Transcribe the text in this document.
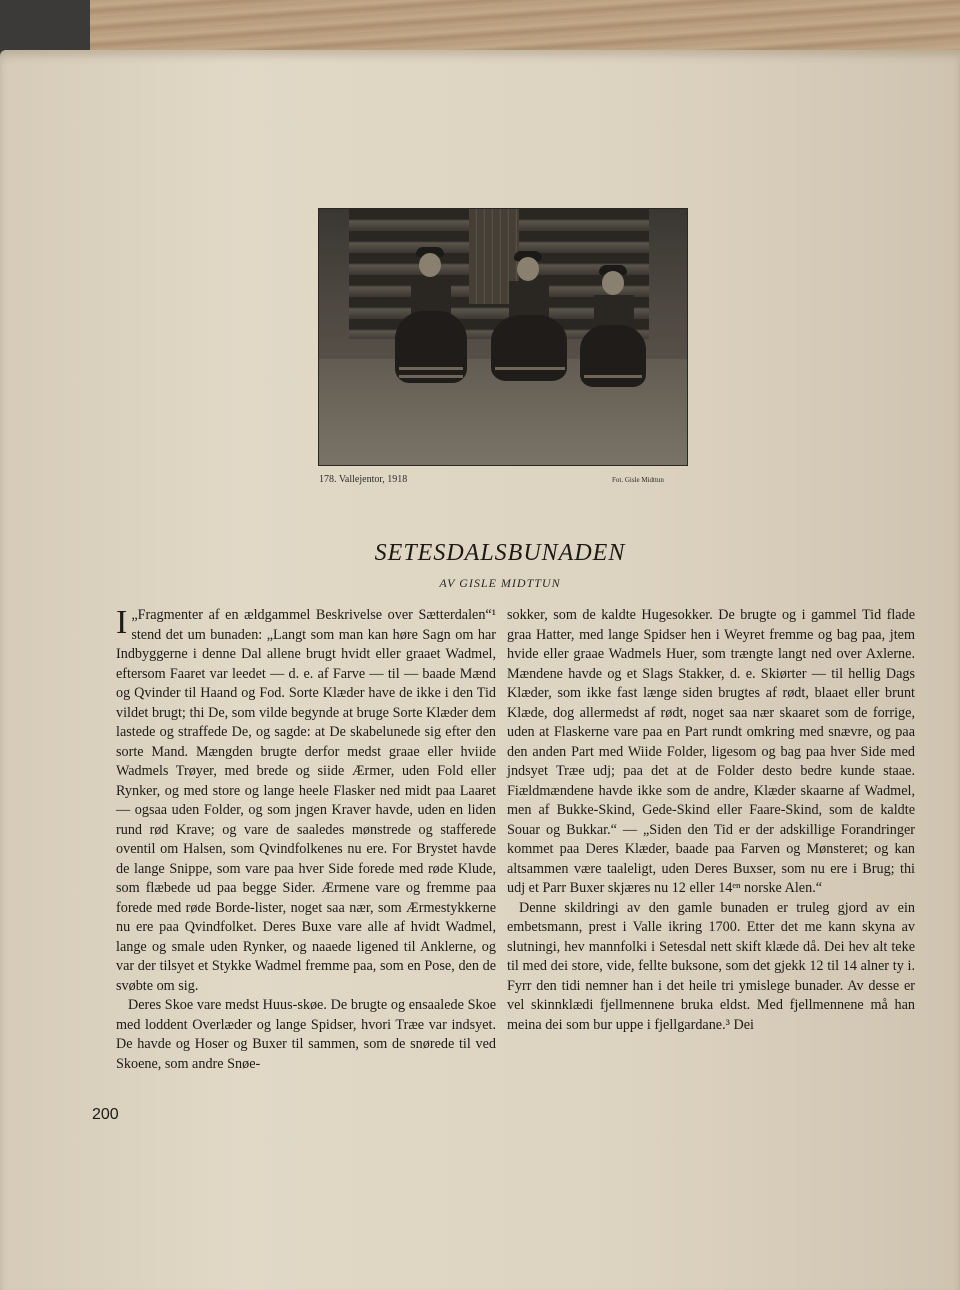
178. Vallejentor, 1918	Fot. Gisle Midttun
SETESDALSBUNADEN
AV GISLE MIDTTUN

I „Fragmenter af en ældgammel Beskrivelse over Sætterdalen“¹ stend det um bunaden: „Langt som man kan høre Sagn om har Indbyggerne i denne Dal allene brugt hvidt eller graaet Wadmel, eftersom Faaret var leedet — d. e. af Farve — til — baade Mænd og Qvinder til Haand og Fod. Sorte Klæder have de ikke i den Tid vildet brugt; thi De, som vilde begynde at bruge Sorte Klæder dem lastede og straffede De, og sagde: at De skabelunede sig efter den sorte Mand. Mængden brugte derfor medst graae eller hviide Wadmels Trøyer, med brede og siide Ærmer, uden Fold eller Rynker, og med store og lange heele Flasker ned midt paa Laaret — ogsaa uden Folder, og som jngen Kraver havde, uden en liden rund rød Krave; og vare de saaledes mønstrede og stafferede oventil om Halsen, som Qvindfolkenes nu ere. For Brystet havde de lange Snippe, som vare paa hver Side forede med røde Klude, som flæbede ud paa begge Sider. Ærmene vare og fremme paa forede med røde Borde-lister, noget saa nær, som Ærmestykkerne nu ere paa Qvindfolket. Deres Buxe vare alle af hvidt Wadmel, lange og smale uden Rynker, og naaede ligened til Anklerne, og var der tilsyet et Stykke Wadmel fremme paa, som en Pose, den de svøbte om sig.

Deres Skoe vare medst Huus-skøe. De brugte og ensaalede Skoe med loddent Overlæder og lange Spidser, hvori Træe var indsyet. De havde og Hoser og Buxer til sammen, som de snørede til ved Skoene, som andre Snøe-

sokker, som de kaldte Hugesokker. De brugte og i gammel Tid flade graa Hatter, med lange Spidser hen i Weyret fremme og bag paa, jtem hvide eller graae Wadmels Huer, som trængte langt ned over Axlerne. Mændene havde og et Slags Stakker, d. e. Skiørter — til hellig Dags Klæder, som ikke fast længe siden brugtes af rødt, blaaet eller brunt Klæde, dog allermedst af rødt, noget saa nær skaaret som de forrige, uden at Flaskerne vare paa en Part rundt omkring med snævre, og paa den anden Part med Wiide Folder, ligesom og bag paa hver Side med jndsyet Træe udj; paa det at de Folder desto bedre kunde staae. Fiældmændene havde ikke som de andre, Klæder skaarne af Wadmel, men af Bukke-Skind, Gede-Skind eller Faare-Skind, som de kaldte Souar og Bukkar.“ — „Siden den Tid er der adskillige Forandringer kommet paa Deres Klæder, baade paa Farven og Mønsteret; og kan altsammen være taaleligt, uden Deres Buxser, som nu ere i Brug; thi udj et Parr Buxer skjæres nu 12 eller 14ᵉⁿ norske Alen.“

Denne skildringi av den gamle bunaden er truleg gjord av ein embetsmann, prest i Valle ikring 1700. Etter det me kann skyna av slutningi, hev mannfolki i Setesdal nett skift klæde då. Dei hev alt teke til med dei store, vide, fellte buksone, som det gjekk 12 til 14 alner ty i. Fyrr den tidi nemner han i det heile tri ymislege bunader. Av desse er vel skinnklædi fjellmennene bruka eldst. Med fjellmennene må han meina dei som bur uppe i fjellgardane.³ Dei

200
